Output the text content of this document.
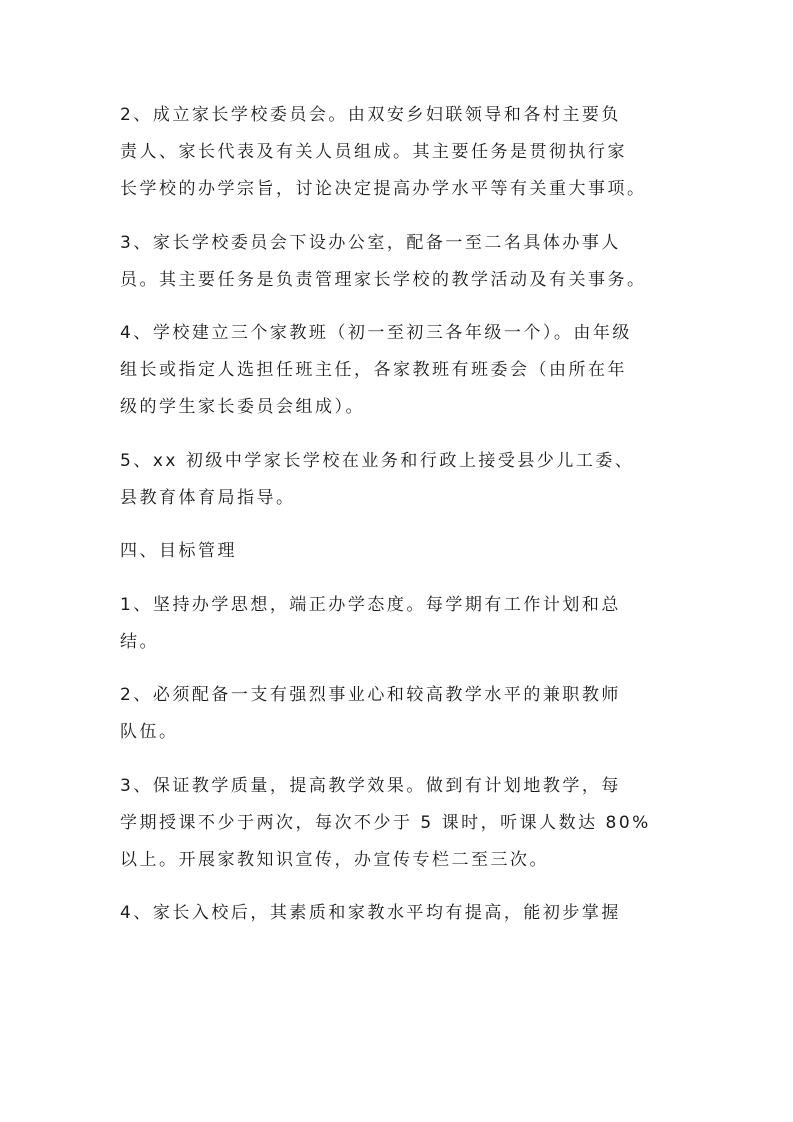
2、成立家长学校委员会。由双安乡妇联领导和各村主要负
责人、家长代表及有关人员组成。其主要任务是贯彻执行家
长学校的办学宗旨，讨论决定提高办学水平等有关重大事项。

3、家长学校委员会下设办公室，配备一至二名具体办事人
员。其主要任务是负责管理家长学校的教学活动及有关事务。

4、学校建立三个家教班（初一至初三各年级一个）。由年级
组长或指定人选担任班主任，各家教班有班委会（由所在年
级的学生家长委员会组成）。

5、xx 初级中学家长学校在业务和行政上接受县少儿工委、
县教育体育局指导。

四、目标管理

1、坚持办学思想，端正办学态度。每学期有工作计划和总
结。

2、必须配备一支有强烈事业心和较高教学水平的兼职教师
队伍。

3、保证教学质量，提高教学效果。做到有计划地教学，每
学期授课不少于两次，每次不少于 5 课时，听课人数达 80%
以上。开展家教知识宣传，办宣传专栏二至三次。

4、家长入校后，其素质和家教水平均有提高，能初步掌握
